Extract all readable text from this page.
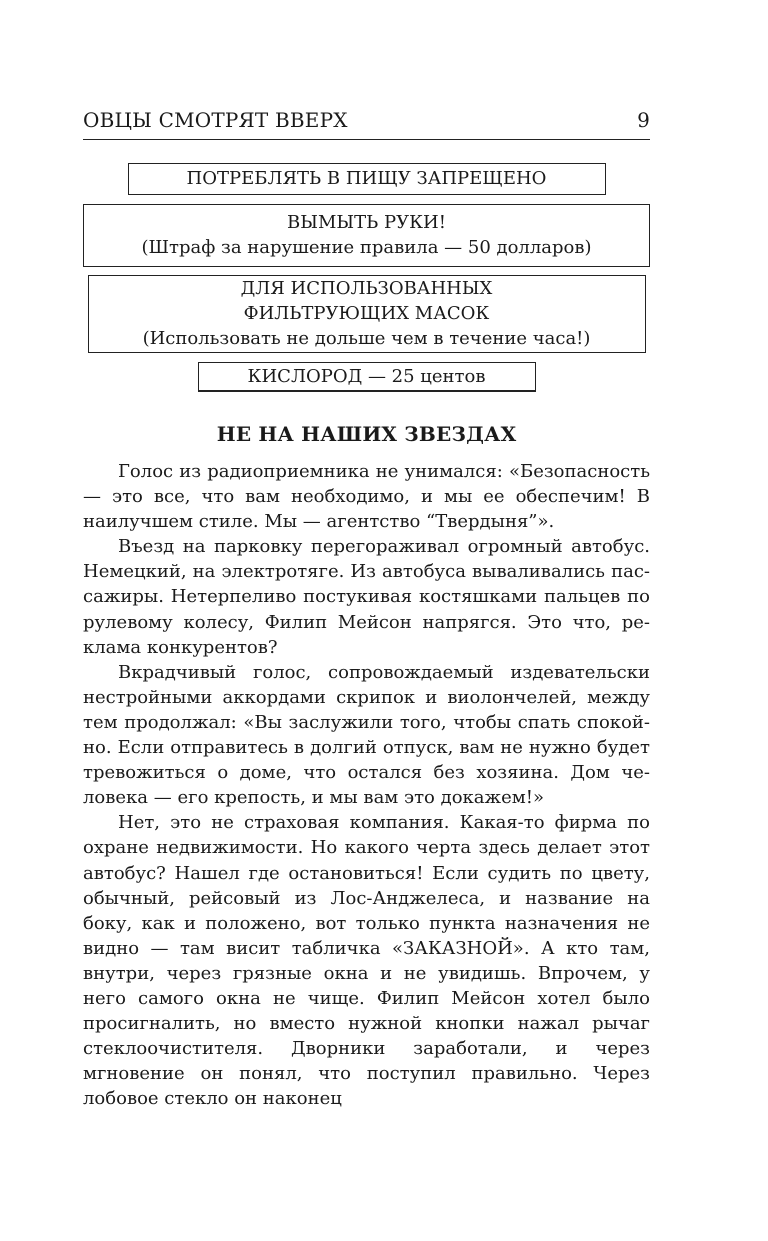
ОВЦЫ СМОТРЯТ ВВЕРХ	9
ПОТРЕБЛЯТЬ В ПИЩУ ЗАПРЕЩЕНО
ВЫМЫТЬ РУКИ!
(Штраф за нарушение правила — 50 долларов)
ДЛЯ ИСПОЛЬЗОВАННЫХ
ФИЛЬТРУЮЩИХ МАСОК
(Использовать не дольше чем в течение часа!)
КИСЛОРОД — 25 центов
НЕ НА НАШИХ ЗВЕЗДАХ

Голос из радиоприемника не унимался: «Безопасность — это все, что вам необходимо, и мы ее обеспечим! В наилучшем стиле. Мы — агентство “Твердыня”».

Въезд на парковку перегораживал огромный автобус. Немецкий, на электротяге. Из автобуса вываливались пассажиры. Нетерпеливо постукивая костяшками пальцев по рулевому колесу, Филип Мейсон напрягся. Это что, реклама конкурентов?

Вкрадчивый голос, сопровождаемый издевательски нестройными аккордами скрипок и виолончелей, между тем продолжал: «Вы заслужили того, чтобы спать спокойно. Если отправитесь в долгий отпуск, вам не нужно будет тревожиться о доме, что остался без хозяина. Дом человека — его крепость, и мы вам это докажем!»

Нет, это не страховая компания. Какая-то фирма по охране недвижимости. Но какого черта здесь делает этот автобус? Нашел где остановиться! Если судить по цвету, обычный, рейсовый из Лос-Анджелеса, и название на боку, как и положено, вот только пункта назначения не видно — там висит табличка «ЗАКАЗНОЙ». А кто там, внутри, через грязные окна и не увидишь. Впрочем, у него самого окна не чище. Филип Мейсон хотел было просигналить, но вместо нужной кнопки нажал рычаг стеклоочистителя. Дворники заработали, и через мгновение он понял, что поступил правильно. Через лобовое стекло он наконец
